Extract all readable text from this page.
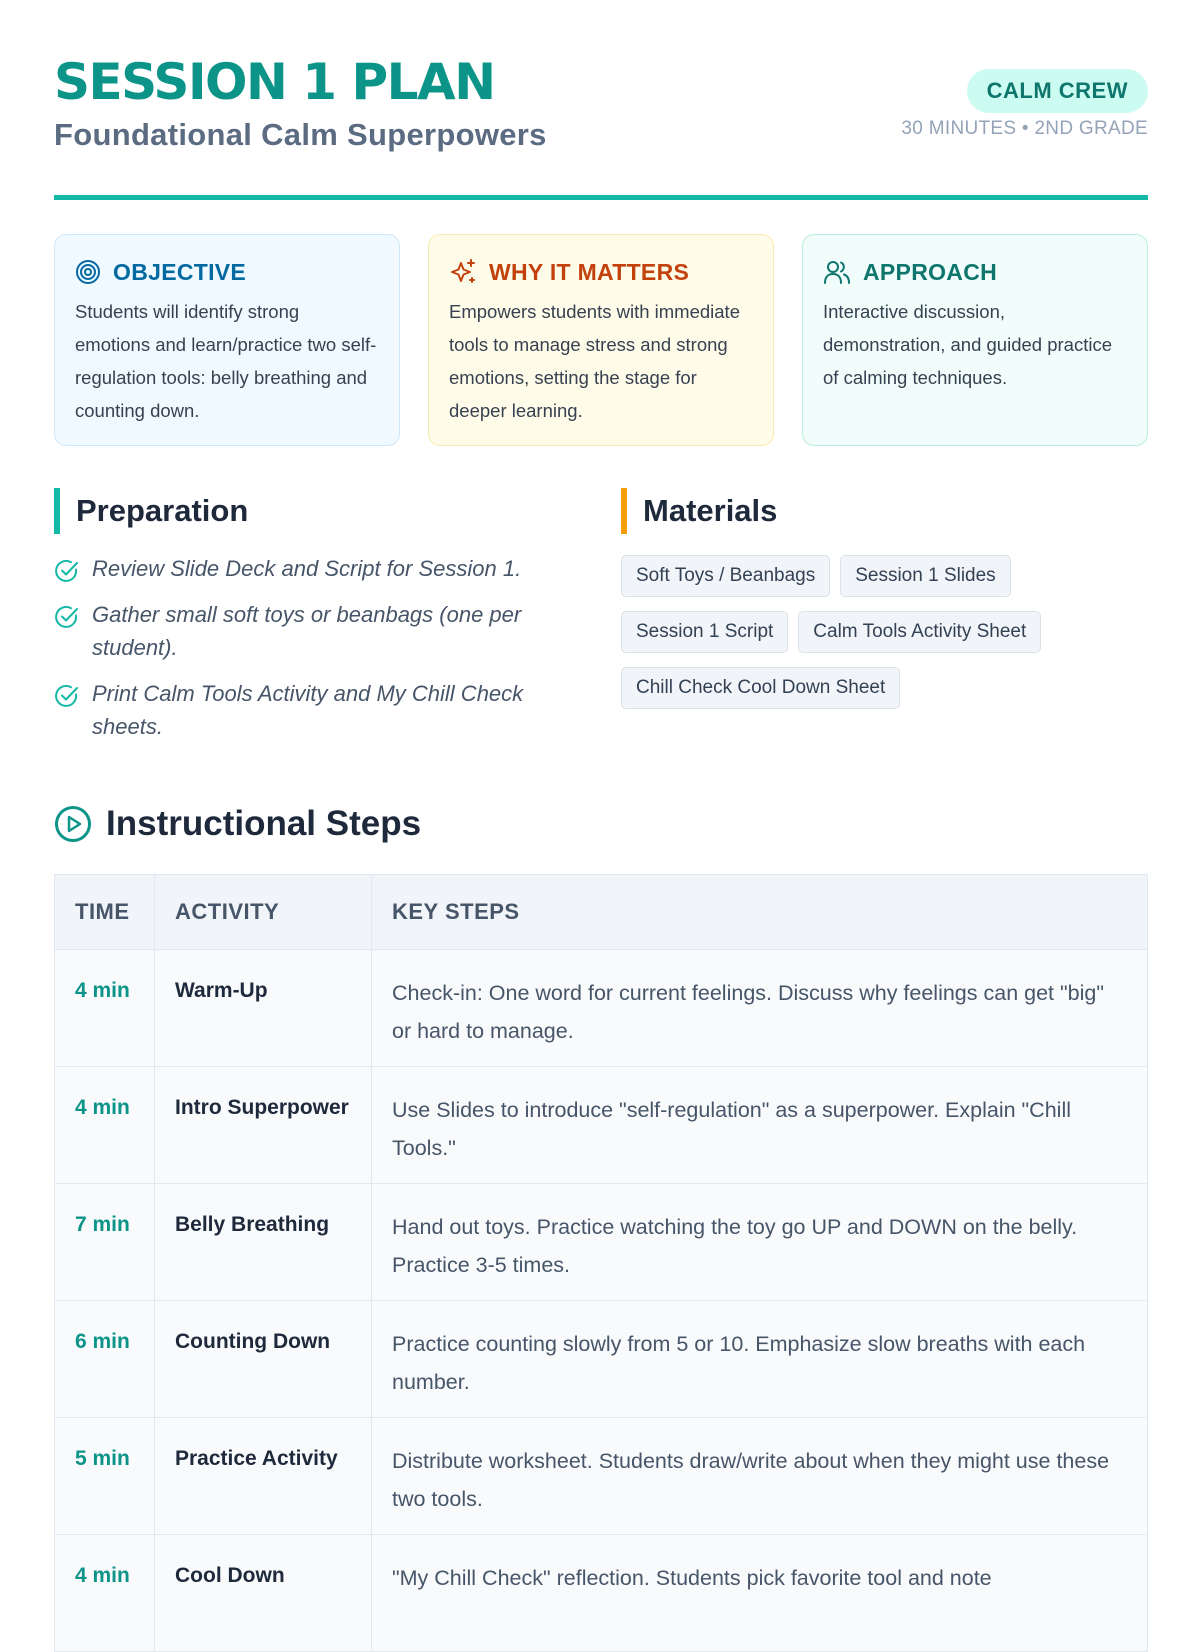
SESSION 1 PLAN
Foundational Calm Superpowers
CALM CREW
30 MINUTES • 2ND GRADE
OBJECTIVE
Students will identify strong emotions and learn/practice two self-regulation tools: belly breathing and counting down.
WHY IT MATTERS
Empowers students with immediate tools to manage stress and strong emotions, setting the stage for deeper learning.
APPROACH
Interactive discussion, demonstration, and guided practice of calming techniques.
Preparation
Review Slide Deck and Script for Session 1.
Gather small soft toys or beanbags (one per student).
Print Calm Tools Activity and My Chill Check sheets.
Materials
Soft Toys / Beanbags Session 1 Slides
Session 1 Script Calm Tools Activity Sheet
Chill Check Cool Down Sheet
Instructional Steps
TIME	ACTIVITY	KEY STEPS
4 min	Warm-Up	Check-in: One word for current feelings. Discuss why feelings can get "big" or hard to manage.
4 min	Intro Superpower	Use Slides to introduce "self-regulation" as a superpower. Explain "Chill Tools."
7 min	Belly Breathing	Hand out toys. Practice watching the toy go UP and DOWN on the belly. Practice 3-5 times.
6 min	Counting Down	Practice counting slowly from 5 or 10. Emphasize slow breaths with each number.
5 min	Practice Activity	Distribute worksheet. Students draw/write about when they might use these two tools.
4 min	Cool Down	"My Chill Check" reflection. Students pick favorite tool and note
